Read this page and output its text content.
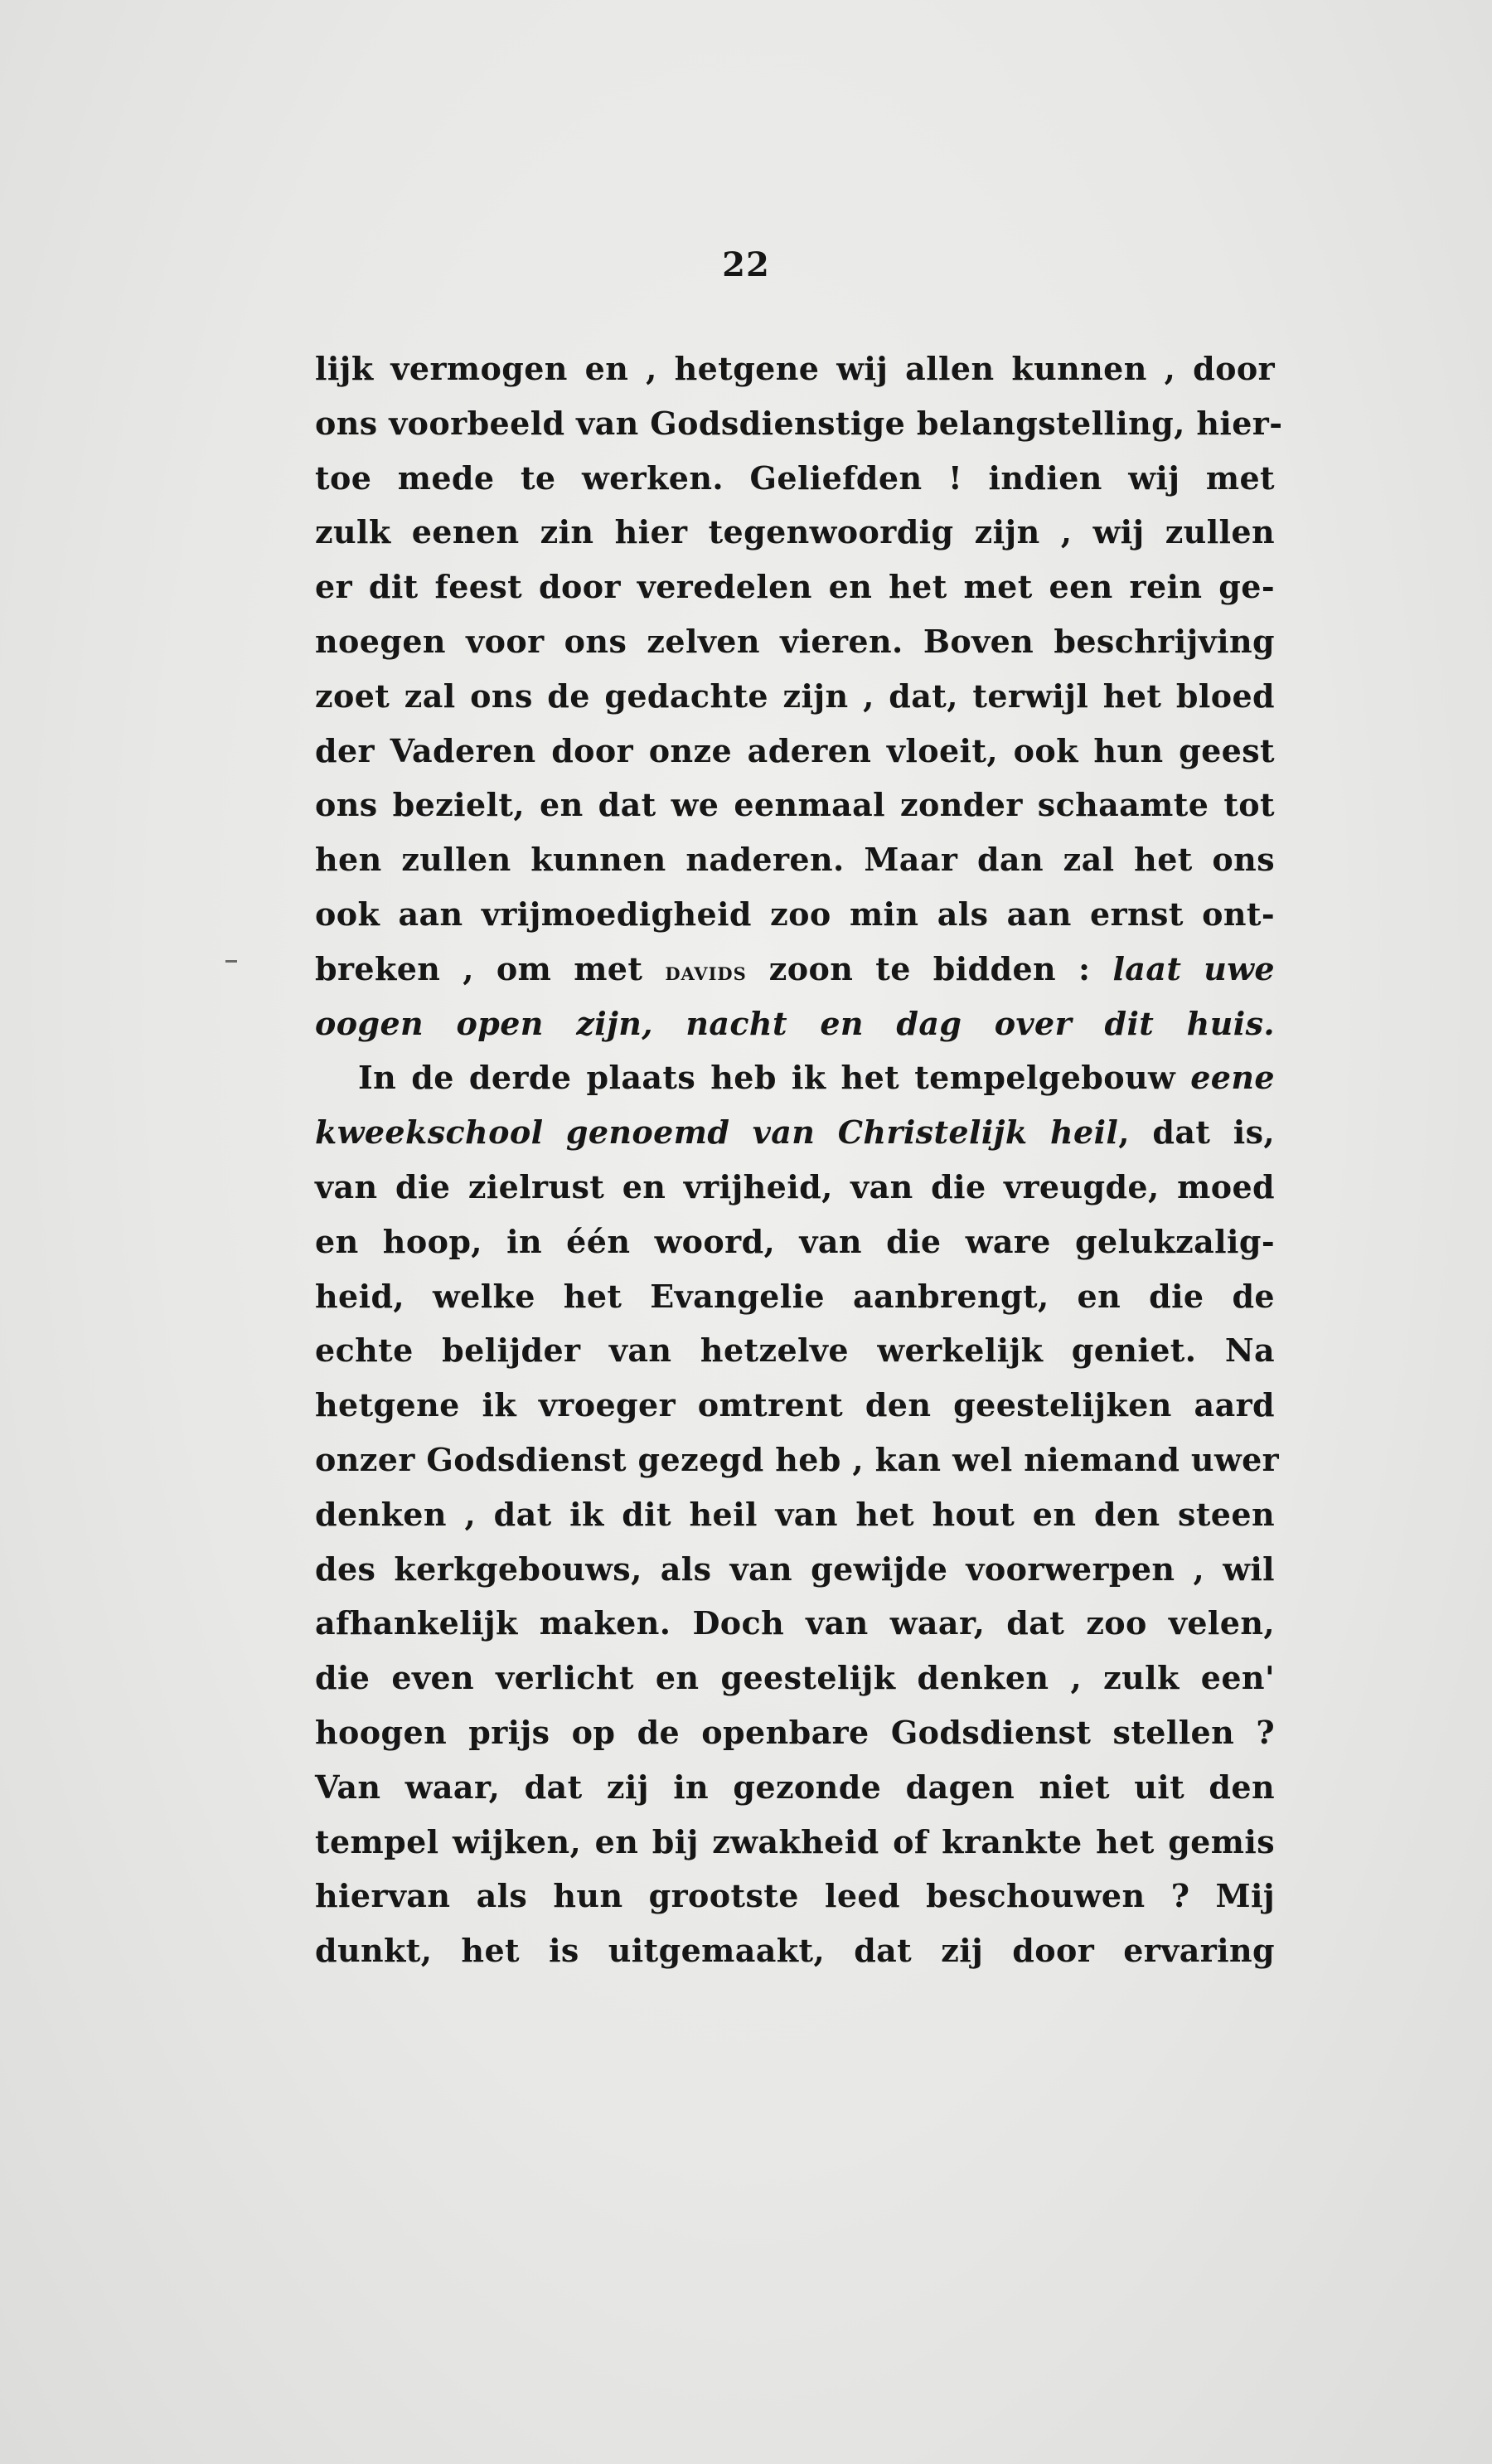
22
lijk vermogen en , hetgene wij allen kunnen , door
ons voorbeeld van Godsdienstige belangstelling, hier-
toe mede te werken. Geliefden ! indien wij met
zulk eenen zin hier tegenwoordig zijn , wij zullen
er dit feest door veredelen en het met een rein ge-
noegen voor ons zelven vieren. Boven beschrijving
zoet zal ons de gedachte zijn , dat, terwijl het bloed
der Vaderen door onze aderen vloeit, ook hun geest
ons bezielt, en dat we eenmaal zonder schaamte tot
hen zullen kunnen naderen. Maar dan zal het ons
ook aan vrijmoedigheid zoo min als aan ernst ont-
breken , om met davids zoon te bidden : laat uwe
oogen open zijn, nacht en dag over dit huis.
In de derde plaats heb ik het tempelgebouw eene
kweekschool genoemd van Christelijk heil, dat is,
van die zielrust en vrijheid, van die vreugde, moed
en hoop, in één woord, van die ware gelukzalig-
heid, welke het Evangelie aanbrengt, en die de
echte belijder van hetzelve werkelijk geniet. Na
hetgene ik vroeger omtrent den geestelijken aard
onzer Godsdienst gezegd heb , kan wel niemand uwer
denken , dat ik dit heil van het hout en den steen
des kerkgebouws, als van gewijde voorwerpen , wil
afhankelijk maken. Doch van waar, dat zoo velen,
die even verlicht en geestelijk denken , zulk een'
hoogen prijs op de openbare Godsdienst stellen ?
Van waar, dat zij in gezonde dagen niet uit den
tempel wijken, en bij zwakheid of krankte het gemis
hiervan als hun grootste leed beschouwen ? Mij
dunkt, het is uitgemaakt, dat zij door ervaring
